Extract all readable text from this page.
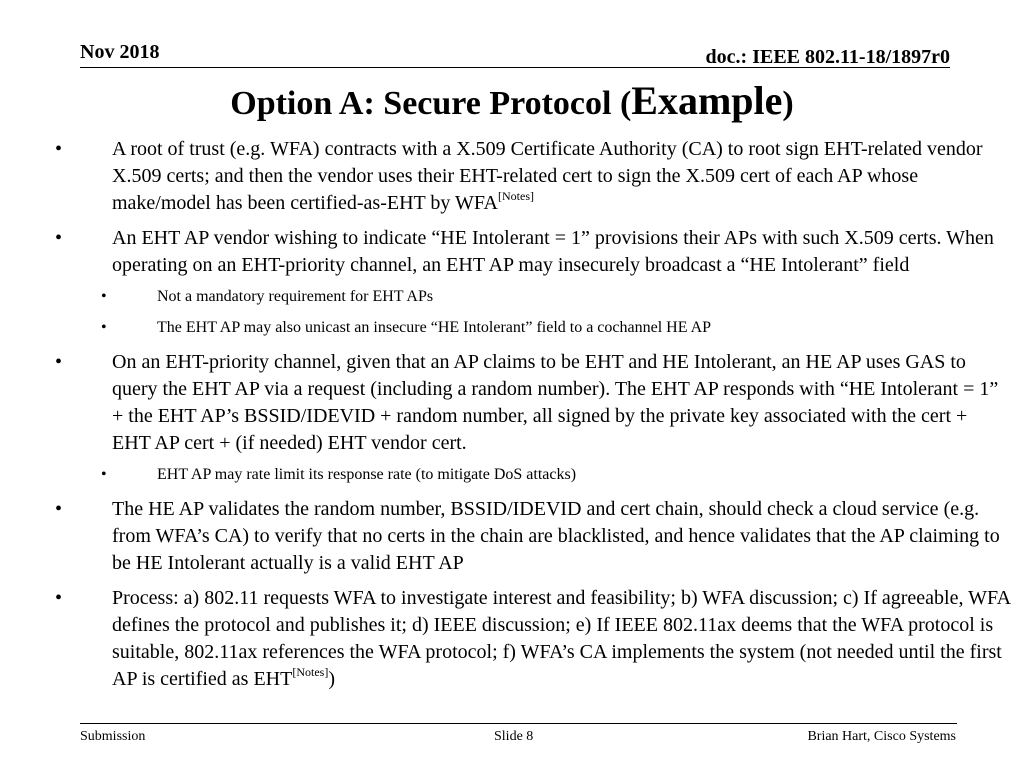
Nov 2018	doc.: IEEE 802.11-18/1897r0
Option A: Secure Protocol (Example)
• A root of trust (e.g. WFA) contracts with a X.509 Certificate Authority (CA) to root sign EHT-related vendor X.509 certs; and then the vendor uses their EHT-related cert to sign the X.509 cert of each AP whose make/model has been certified-as-EHT by WFA[Notes]
• An EHT AP vendor wishing to indicate “HE Intolerant = 1” provisions their APs with such X.509 certs. When operating on an EHT-priority channel, an EHT AP may insecurely broadcast a “HE Intolerant” field
•	Not a mandatory requirement for EHT APs
•	The EHT AP may also unicast an insecure “HE Intolerant” field to a cochannel HE AP
• On an EHT-priority channel, given that an AP claims to be EHT and HE Intolerant, an HE AP uses GAS to query the EHT AP via a request (including a random number). The EHT AP responds with “HE Intolerant = 1” + the EHT AP’s BSSID/IDEVID + random number, all signed by the private key associated with the cert + EHT AP cert + (if needed) EHT vendor cert.
•	EHT AP may rate limit its response rate (to mitigate DoS attacks)
• The HE AP validates the random number, BSSID/IDEVID and cert chain, should check a cloud service (e.g. from WFA’s CA) to verify that no certs in the chain are blacklisted, and hence validates that the AP claiming to be HE Intolerant actually is a valid EHT AP
• Process: a) 802.11 requests WFA to investigate interest and feasibility; b) WFA discussion; c) If agreeable, WFA defines the protocol and publishes it; d) IEEE discussion; e) If IEEE 802.11ax deems that the WFA protocol is suitable, 802.11ax references the WFA protocol; f) WFA’s CA implements the system (not needed until the first AP is certified as EHT[Notes])
Submission	Slide 8	Brian Hart, Cisco Systems
